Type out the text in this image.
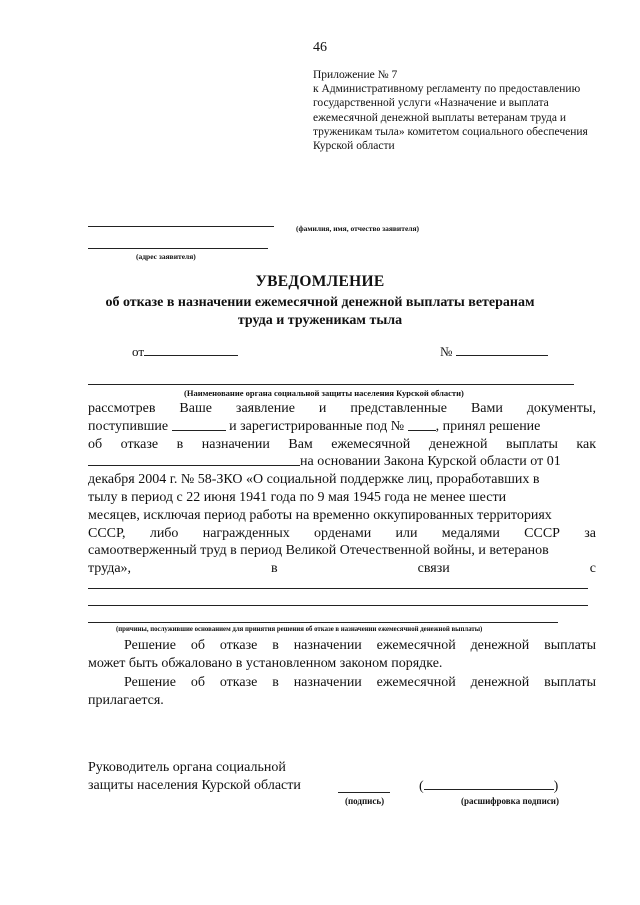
46
Приложение № 7
к Административному регламенту по предоставлению
государственной услуги «Назначение и выплата
ежемесячной денежной выплаты ветеранам труда и
труженикам тыла» комитетом социального обеспечения
Курской области
(фамилия, имя, отчество заявителя)
(адрес заявителя)
УВЕДОМЛЕНИЕ
об отказе в назначении ежемесячной денежной выплаты ветеранам
труда и труженикам тыла
от	№
(Наименование органа социальной защиты населения Курской области)
рассмотрев Ваше заявление и представленные Вами документы,
поступившие

	и зарегистрированные под №
, принял решение
об отказе в назначении Вам ежемесячной денежной выплаты как
на основании Закона Курской области от 01
декабря 2004 г. № 58-ЗКО «О социальной поддержке лиц, проработавших в
тылу в период с 22 июня 1941 года по 9 мая 1945 года не менее шести
месяцев, исключая период работы на временно оккупированных территориях
СССР, либо награжденных орденами или медалями СССР за
самоотверженный труд в период Великой Отечественной войны, и ветеранов
труда»,	в	связи	с
(причины, послужившие основанием для принятия решения об отказе в назначении ежемесячной денежной выплаты)
Решение об отказе в назначении ежемесячной денежной выплаты
может быть обжаловано в установленном законом порядке.
Решение об отказе в назначении ежемесячной денежной выплаты
прилагается.
Руководитель органа социальной
защиты населения Курской области
(подпись)
(	)
(расшифровка подписи)
